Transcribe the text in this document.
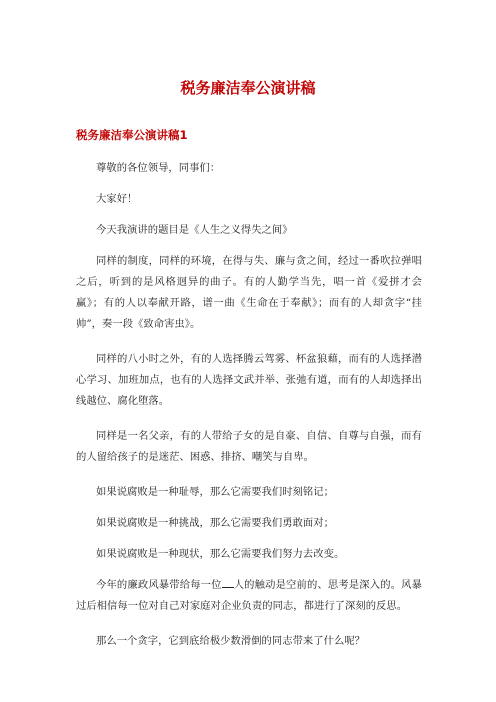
税务廉洁奉公演讲稿
税务廉洁奉公演讲稿1

尊敬的各位领导，同事们：

大家好！

今天我演讲的题目是《人生之义得失之间》

同样的制度，同样的环境，在得与失、廉与贪之间，经过一番吹拉弹唱之后，听到的是风格迥异的曲子。有的人勤学当先，唱一首《爱拼才会赢》；有的人以奉献开路，谱一曲《生命在于奉献》；而有的人却贪字“挂帅”，奏一段《致命害虫》。

同样的八小时之外，有的人选择腾云驾雾、杯盆狼藉，而有的人选择潜心学习、加班加点，也有的人选择文武并举、张弛有道，而有的人却选择出线越位、腐化堕落。

同样是一名父亲，有的人带给子女的是自豪、自信、自尊与自强，而有的人留给孩子的是迷茫、困惑、排挤、嘲笑与自卑。

如果说腐败是一种耻辱，那么它需要我们时刻铭记；

如果说腐败是一种挑战，那么它需要我们勇敢面对；

如果说腐败是一种现状，那么它需要我们努力去改变。

今年的廉政风暴带给每一位 人的触动是空前的、思考是深入的。风暴过后相信每一位对自己对家庭对企业负责的同志，都进行了深刻的反思。

那么一个贪字，它到底给极少数滑倒的同志带来了什么呢？
